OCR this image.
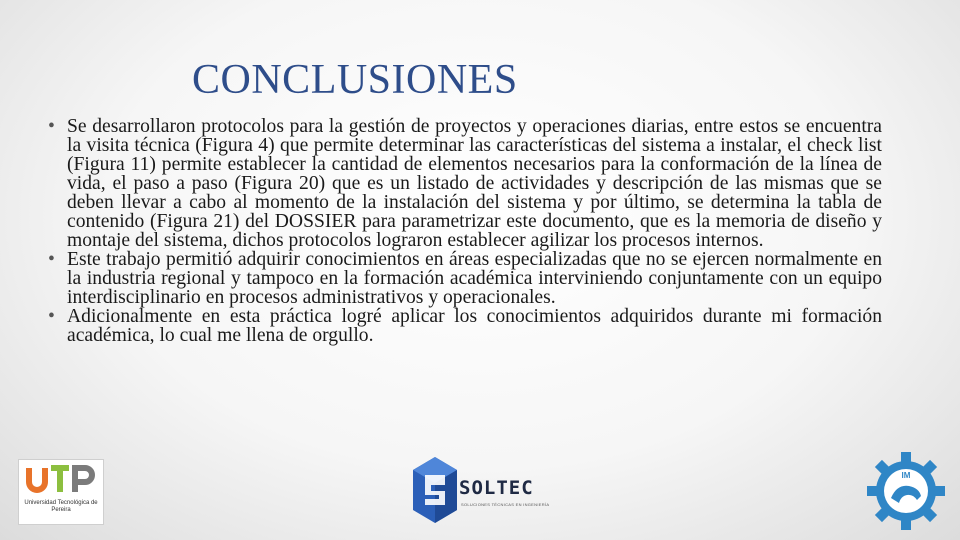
CONCLUSIONES
• Se desarrollaron protocolos para la gestión de proyectos y operaciones diarias, entre estos se encuentra la visita técnica (Figura 4) que permite determinar las características del sistema a instalar, el check list (Figura 11) permite establecer la cantidad de elementos necesarios para la conformación de la línea de vida, el paso a paso (Figura 20) que es un listado de actividades y descripción de las mismas que se deben llevar a cabo al momento de la instalación del sistema y por último, se determina la tabla de contenido (Figura 21) del DOSSIER para parametrizar este documento, que es la memoria de diseño y montaje del sistema, dichos protocolos lograron establecer agilizar los procesos internos.
• Este trabajo permitió adquirir conocimientos en áreas especializadas que no se ejercen normalmente en la industria regional y tampoco en la formación académica interviniendo conjuntamente con un equipo interdisciplinario en procesos administrativos y operacionales.
• Adicionalmente en esta práctica logré aplicar los conocimientos adquiridos durante mi formación académica, lo cual me llena de orgullo.
Universidad Tecnológica de Pereira
SOLTEC
SOLUCIONES TÉCNICAS EN INGENIERÍA
IM
